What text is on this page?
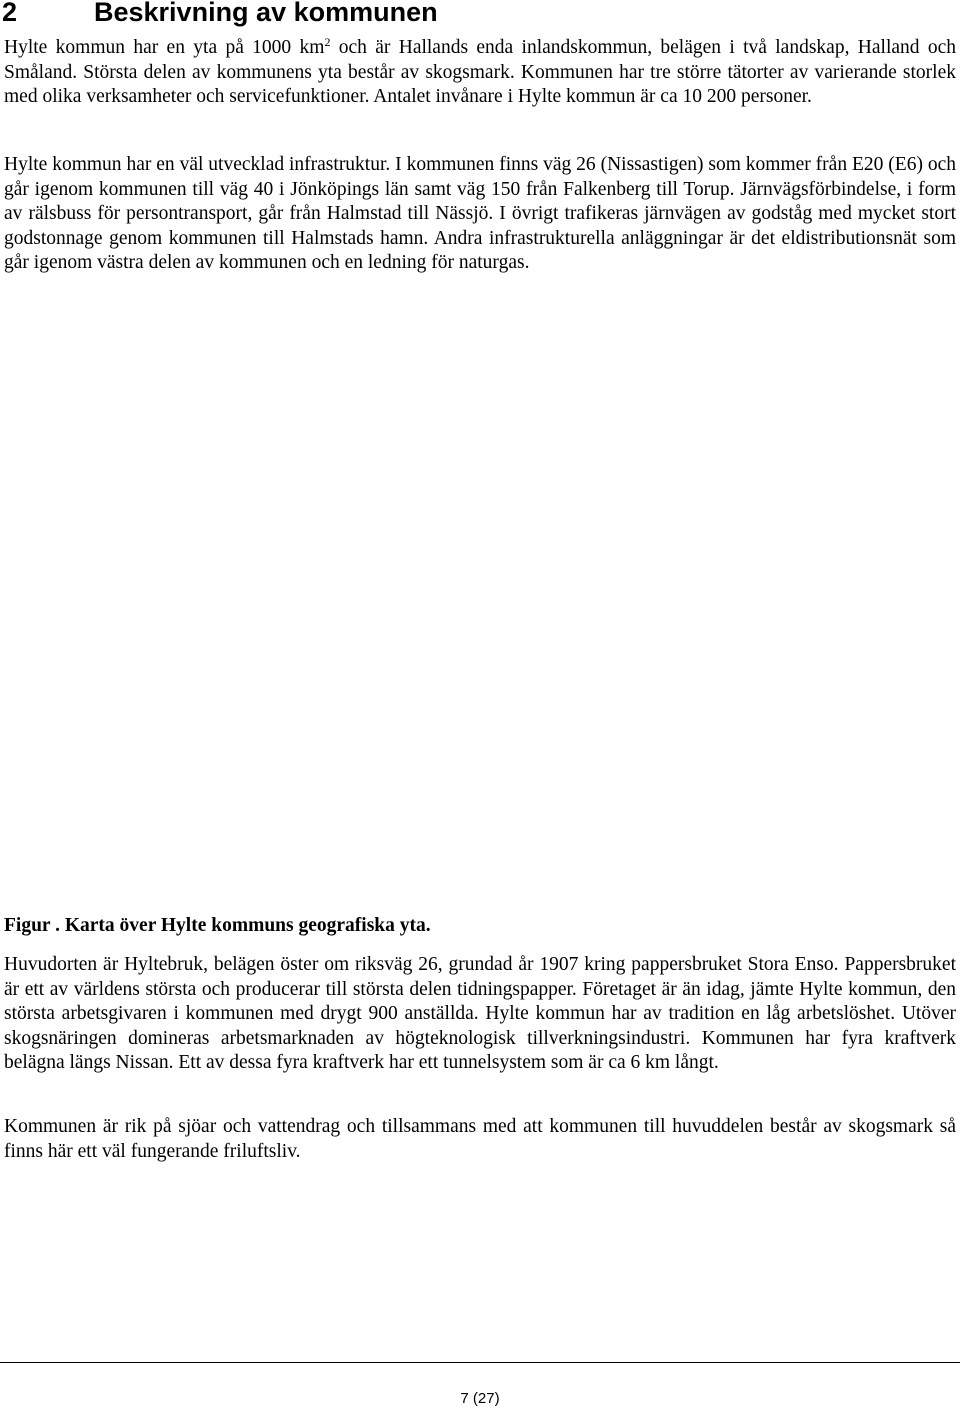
2	Beskrivning av kommunen

Hylte kommun har en yta på 1000 $km^2$ och är Hallands enda inlandskommun, belägen i två landskap, Halland och Småland. Största delen av kommunens yta består av skogsmark. Kommunen har tre större tätorter av varierande storlek med olika verksamheter och servicefunktioner. Antalet invånare i Hylte kommun är ca 10 200 personer.

Hylte kommun har en väl utvecklad infrastruktur. I kommunen finns väg 26 (Nissastigen) som kommer från E20 (E6) och går igenom kommunen till väg 40 i Jönköpings län samt väg 150 från Falkenberg till Torup. Järnvägsförbindelse, i form av rälsbuss för persontransport, går från Halmstad till Nässjö. I övrigt trafikeras järnvägen av godståg med mycket stort godstonnage genom kommunen till Halmstads hamn. Andra infrastrukturella anläggningar är det eldistributionsnät som går igenom västra delen av kommunen och en ledning för naturgas.

Figur . Karta över Hylte kommuns geografiska yta.

Huvudorten är Hyltebruk, belägen öster om riksväg 26, grundad år 1907 kring pappersbruket Stora Enso. Pappersbruket är ett av världens största och producerar till största delen tidningspapper. Företaget är än idag, jämte Hylte kommun, den största arbetsgivaren i kommunen med drygt 900 anställda. Hylte kommun har av tradition en låg arbetslöshet. Utöver skogsnäringen domineras arbetsmarknaden av högteknologisk tillverkningsindustri. Kommunen har fyra kraftverk belägna längs Nissan. Ett av dessa fyra kraftverk har ett tunnelsystem som är ca 6 km långt.

Kommunen är rik på sjöar och vattendrag och tillsammans med att kommunen till huvuddelen består av skogsmark så finns här ett väl fungerande friluftsliv.

7 (27)
